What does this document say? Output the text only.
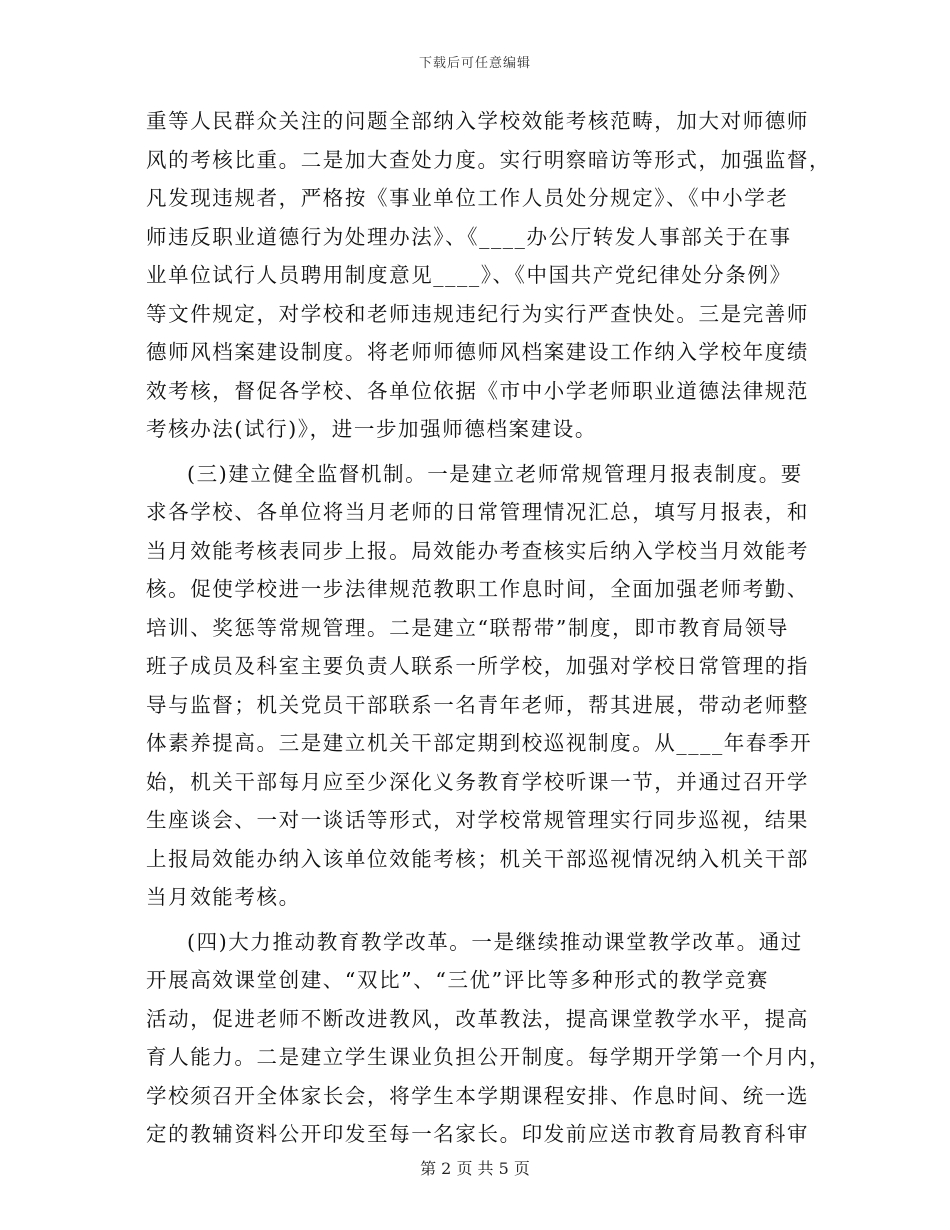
下载后可任意编辑
重等人民群众关注的问题全部纳入学校效能考核范畴，加大对师德师
风的考核比重。二是加大查处力度。实行明察暗访等形式，加强监督，
凡发现违规者，严格按《事业单位工作人员处分规定》、《中小学老
师违反职业道德行为处理办法》、《____办公厅转发人事部关于在事
业单位试行人员聘用制度意见____》、《中国共产党纪律处分条例》
等文件规定，对学校和老师违规违纪行为实行严查快处。三是完善师
德师风档案建设制度。将老师师德师风档案建设工作纳入学校年度绩
效考核，督促各学校、各单位依据《市中小学老师职业道德法律规范
考核办法(试行)》，进一步加强师德档案建设。
(三)建立健全监督机制。一是建立老师常规管理月报表制度。要
求各学校、各单位将当月老师的日常管理情况汇总，填写月报表，和
当月效能考核表同步上报。局效能办考查核实后纳入学校当月效能考
核。促使学校进一步法律规范教职工作息时间，全面加强老师考勤、
培训、奖惩等常规管理。二是建立“联帮带”制度，即市教育局领导
班子成员及科室主要负责人联系一所学校，加强对学校日常管理的指
导与监督；机关党员干部联系一名青年老师，帮其进展，带动老师整
体素养提高。三是建立机关干部定期到校巡视制度。从____年春季开
始，机关干部每月应至少深化义务教育学校听课一节，并通过召开学
生座谈会、一对一谈话等形式，对学校常规管理实行同步巡视，结果
上报局效能办纳入该单位效能考核；机关干部巡视情况纳入机关干部
当月效能考核。
(四)大力推动教育教学改革。一是继续推动课堂教学改革。通过
开展高效课堂创建、“双比”、“三优”评比等多种形式的教学竞赛
活动，促进老师不断改进教风，改革教法，提高课堂教学水平，提高
育人能力。二是建立学生课业负担公开制度。每学期开学第一个月内，
学校须召开全体家长会，将学生本学期课程安排、作息时间、统一选
定的教辅资料公开印发至每一名家长。印发前应送市教育局教育科审
第 2 页 共 5 页
